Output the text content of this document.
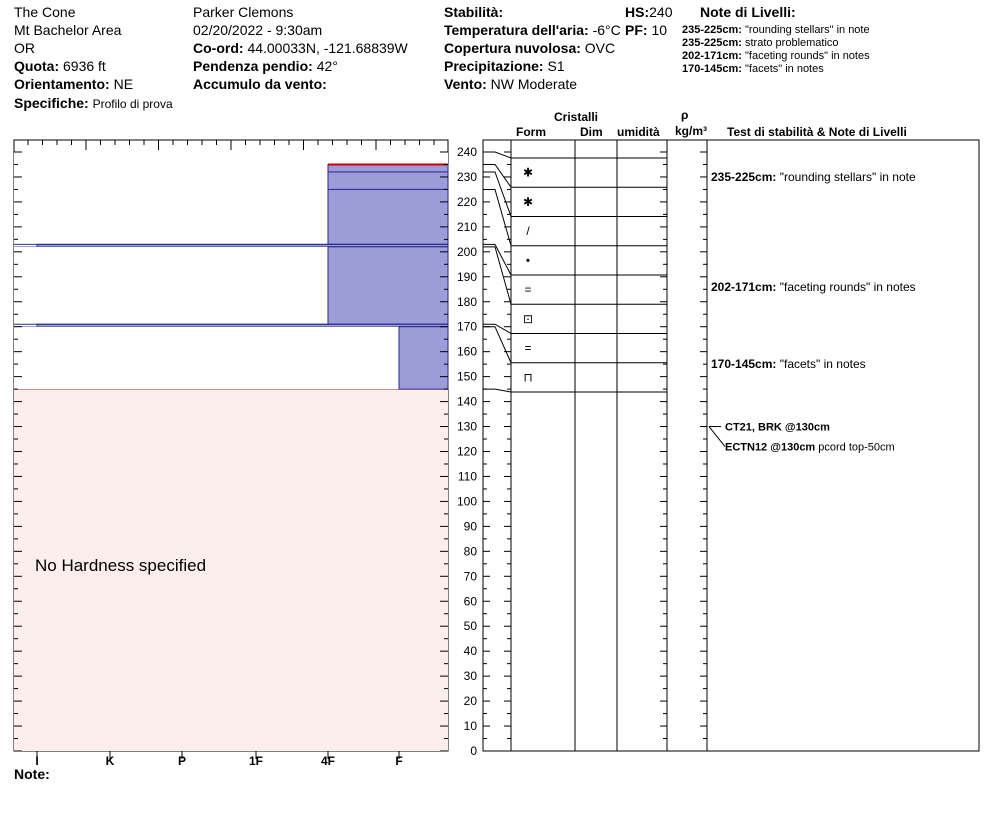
The Cone
Mt Bachelor Area
OR
Quota: 6936 ft
Orientamento: NE
Specifiche: Profilo di prova
Parker Clemons
02/20/2022 - 9:30am
Co-ord: 44.00033N, -121.68839W
Pendenza pendio: 42°
Accumulo da vento:
Stabilità:
Temperatura dell'aria: -6°C
Copertura nuvolosa: OVC
Precipitazione: S1
Vento: NW Moderate
HS:240
PF: 10
Note di Livelli:
235-225cm: "rounding stellars" in note
235-225cm: strato problematico
202-171cm: "faceting rounds" in notes
170-145cm: "facets" in notes
Cristalli
Form	Dim umidità
ρ
kg/m³ Test di stabilità & Note di Livelli
No Hardness specified
I	K	P	1F	4F	F
0
10
20
30
40
50
60
70
80
90
100
110
120
130
140
150
160
170
180
190
200
210
220
230
240
✱
✱
/
•
=
⊡
=
⊓
235-225cm: "rounding stellars" in note
202-171cm: "faceting rounds" in notes
170-145cm: "facets" in notes
CT21, BRK @130cm
ECTN12 @130cm pcord top-50cm
Note:
